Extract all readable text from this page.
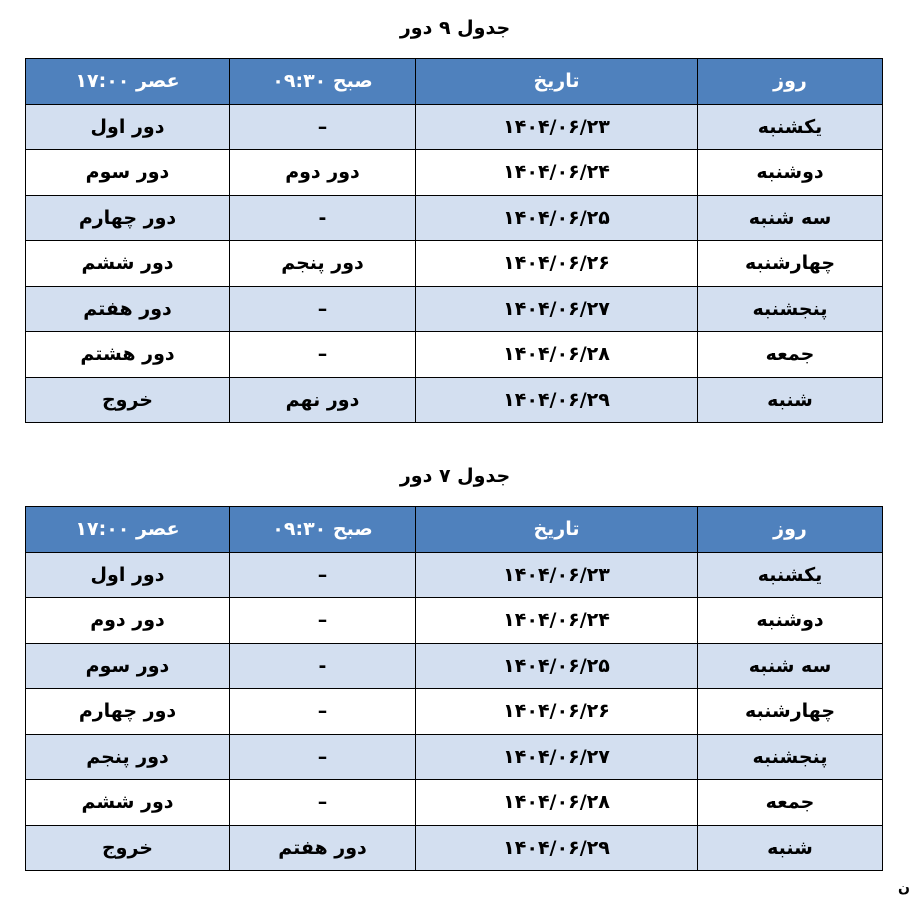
جدول ۹ دور
روز	تاریخ	صبح ۰۹:۳۰	عصر ۱۷:۰۰
یکشنبه	۱۴۰۴/۰۶/۲۳	–	دور اول
دوشنبه	۱۴۰۴/۰۶/۲۴	دور دوم	دور سوم
سه شنبه	۱۴۰۴/۰۶/۲۵	-	دور چهارم
چهارشنبه	۱۴۰۴/۰۶/۲۶	دور پنجم	دور ششم
پنجشنبه	۱۴۰۴/۰۶/۲۷	–	دور هفتم
جمعه	۱۴۰۴/۰۶/۲۸	–	دور هشتم
شنبه	۱۴۰۴/۰۶/۲۹	دور نهم	خروج
جدول ۷ دور
روز	تاریخ	صبح ۰۹:۳۰	عصر ۱۷:۰۰
یکشنبه	۱۴۰۴/۰۶/۲۳	–	دور اول
دوشنبه	۱۴۰۴/۰۶/۲۴	–	دور دوم
سه شنبه	۱۴۰۴/۰۶/۲۵	-	دور سوم
چهارشنبه	۱۴۰۴/۰۶/۲۶	–	دور چهارم
پنجشنبه	۱۴۰۴/۰۶/۲۷	–	دور پنجم
جمعه	۱۴۰۴/۰۶/۲۸	–	دور ششم
شنبه	۱۴۰۴/۰۶/۲۹	دور هفتم	خروج
ن
